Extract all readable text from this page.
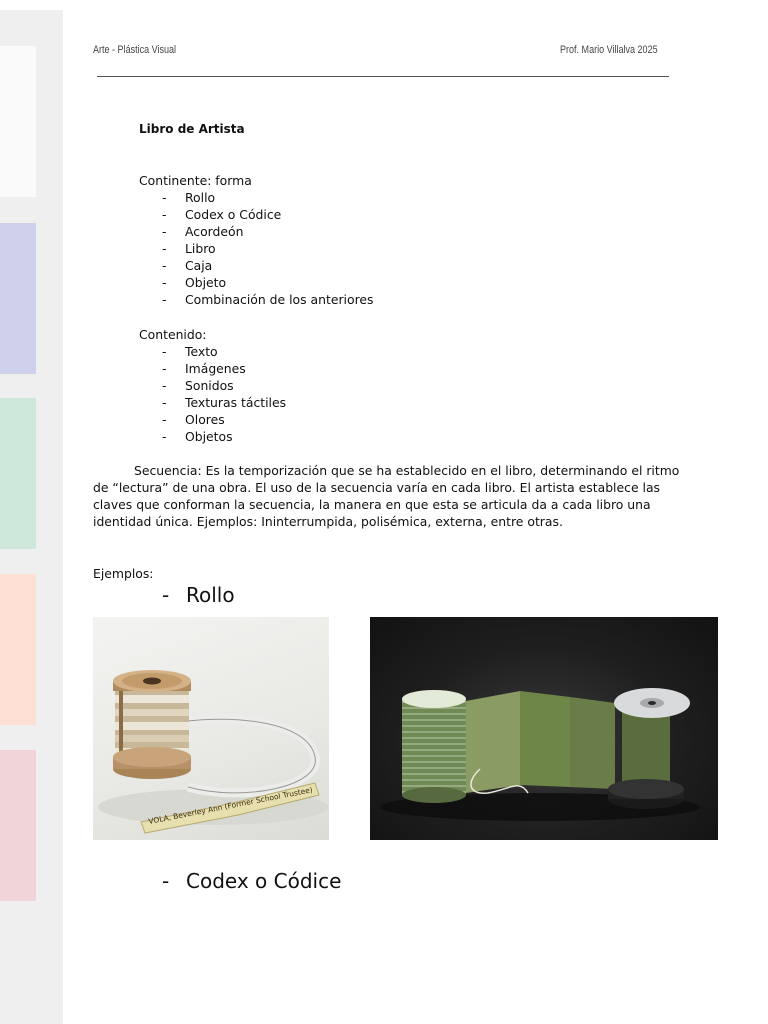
Arte - Plástica Visual	Prof. Mario Villalva 2025
Libro de Artista
Continente: forma
- Rollo
- Codex o Códice
- Acordeón
- Libro
- Caja
- Objeto
- Combinación de los anteriores
Contenido:
- Texto
- Imágenes
- Sonidos
- Texturas táctiles
- Olores
- Objetos
Secuencia: Es la temporización que se ha establecido en el libro, determinando el ritmo
de “lectura” de una obra. El uso de la secuencia varía en cada libro. El artista establece las
claves que conforman la secuencia, la manera en que esta se articula da a cada libro una
identidad única. Ejemplos: Ininterrumpida, polisémica, externa, entre otras.
Ejemplos:
- Rollo
VOLA, Beverley Ann (Former School Trustee)
- Codex o Códice
